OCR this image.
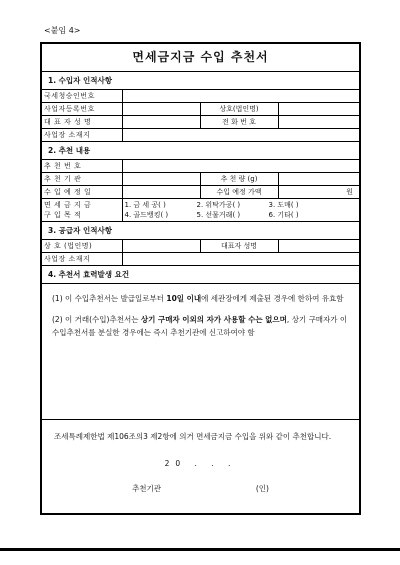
<붙임 4>
면세금지금 수입 추천서
1. 수입자 인적사항
국세청승인번호			
사업자등록번호		상호(법인명)	
대 표 자 성 명		전 화 번 호	
사업장 소재지			
2. 추천 내용
추 천 번 호			
추 천 기 관		추 천 량 (g)	
수 입 예 정 일		수입 예정 가액	원
면 세 금 지 금
구 입 목 적

1. 금 세 공( )	2. 위탁가공( )	3. 도매( )
4. 골드뱅킹( )	5. 선물거래( )	6. 기타( )
3. 공급자 인적사항
상 호 (법인명)		대표자 성명	
사업장 소재지			
4. 추천서 효력발생 요건
(1) 이 수입추천서는 발급일로부터 10일 이내에 세관장에게 제출된 경우에 한하여 유효함
(2) 이 거래(수입)추천서는 상기 구매자 이외의 자가 사용할 수는 없으며, 상기 구매자가 이 수입추천서를 분실한 경우에는 즉시 추천기관에 신고하여야 함
조세특례제한법 제106조의3 제2항에 의거 면세금지금 수입을 위와 같이 추천합니다.
20 . . .
추천기관	(인)
